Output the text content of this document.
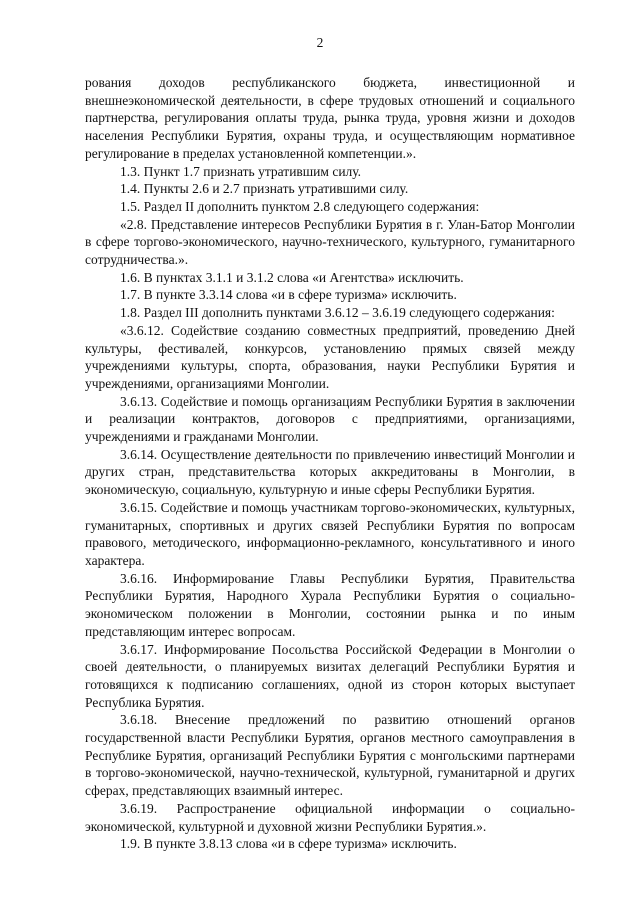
2

рования доходов республиканского бюджета, инвестиционной и внешнеэкономической деятельности, в сфере трудовых отношений и социального партнерства, регулирования оплаты труда, рынка труда, уровня жизни и доходов населения Республики Бурятия, охраны труда, и осуществляющим нормативное регулирование в пределах установленной компетенции.».

1.3. Пункт 1.7 признать утратившим силу.

1.4. Пункты 2.6 и 2.7 признать утратившими силу.

1.5. Раздел II дополнить пунктом 2.8 следующего содержания:

«2.8. Представление интересов Республики Бурятия в г. Улан-Батор Монголии в сфере торгово-экономического, научно-технического, культурного, гуманитарного сотрудничества.».

1.6. В пунктах 3.1.1 и 3.1.2 слова «и Агентства» исключить.

1.7. В пункте 3.3.14 слова «и в сфере туризма» исключить.

1.8. Раздел III дополнить пунктами 3.6.12 – 3.6.19 следующего содержания:

«3.6.12. Содействие созданию совместных предприятий, проведению Дней культуры, фестивалей, конкурсов, установлению прямых связей между учреждениями культуры, спорта, образования, науки Республики Бурятия и учреждениями, организациями Монголии.

3.6.13. Содействие и помощь организациям Республики Бурятия в заключении и реализации контрактов, договоров с предприятиями, организациями, учреждениями и гражданами Монголии.

3.6.14. Осуществление деятельности по привлечению инвестиций Монголии и других стран, представительства которых аккредитованы в Монголии, в экономическую, социальную, культурную и иные сферы Республики Бурятия.

3.6.15. Содействие и помощь участникам торгово-экономических, культурных, гуманитарных, спортивных и других связей Республики Бурятия по вопросам правового, методического, информационно-рекламного, консультативного и иного характера.

3.6.16. Информирование Главы Республики Бурятия, Правительства Республики Бурятия, Народного Хурала Республики Бурятия о социально-экономическом положении в Монголии, состоянии рынка и по иным представляющим интерес вопросам.

3.6.17. Информирование Посольства Российской Федерации в Монголии о своей деятельности, о планируемых визитах делегаций Республики Бурятия и готовящихся к подписанию соглашениях, одной из сторон которых выступает Республика Бурятия.

3.6.18. Внесение предложений по развитию отношений органов государственной власти Республики Бурятия, органов местного самоуправления в Республике Бурятия, организаций Республики Бурятия с монгольскими партнерами в торгово-экономической, научно-технической, культурной, гуманитарной и других сферах, представляющих взаимный интерес.

3.6.19. Распространение официальной информации о социально-экономической, культурной и духовной жизни Республики Бурятия.».

1.9. В пункте 3.8.13 слова «и в сфере туризма» исключить.
